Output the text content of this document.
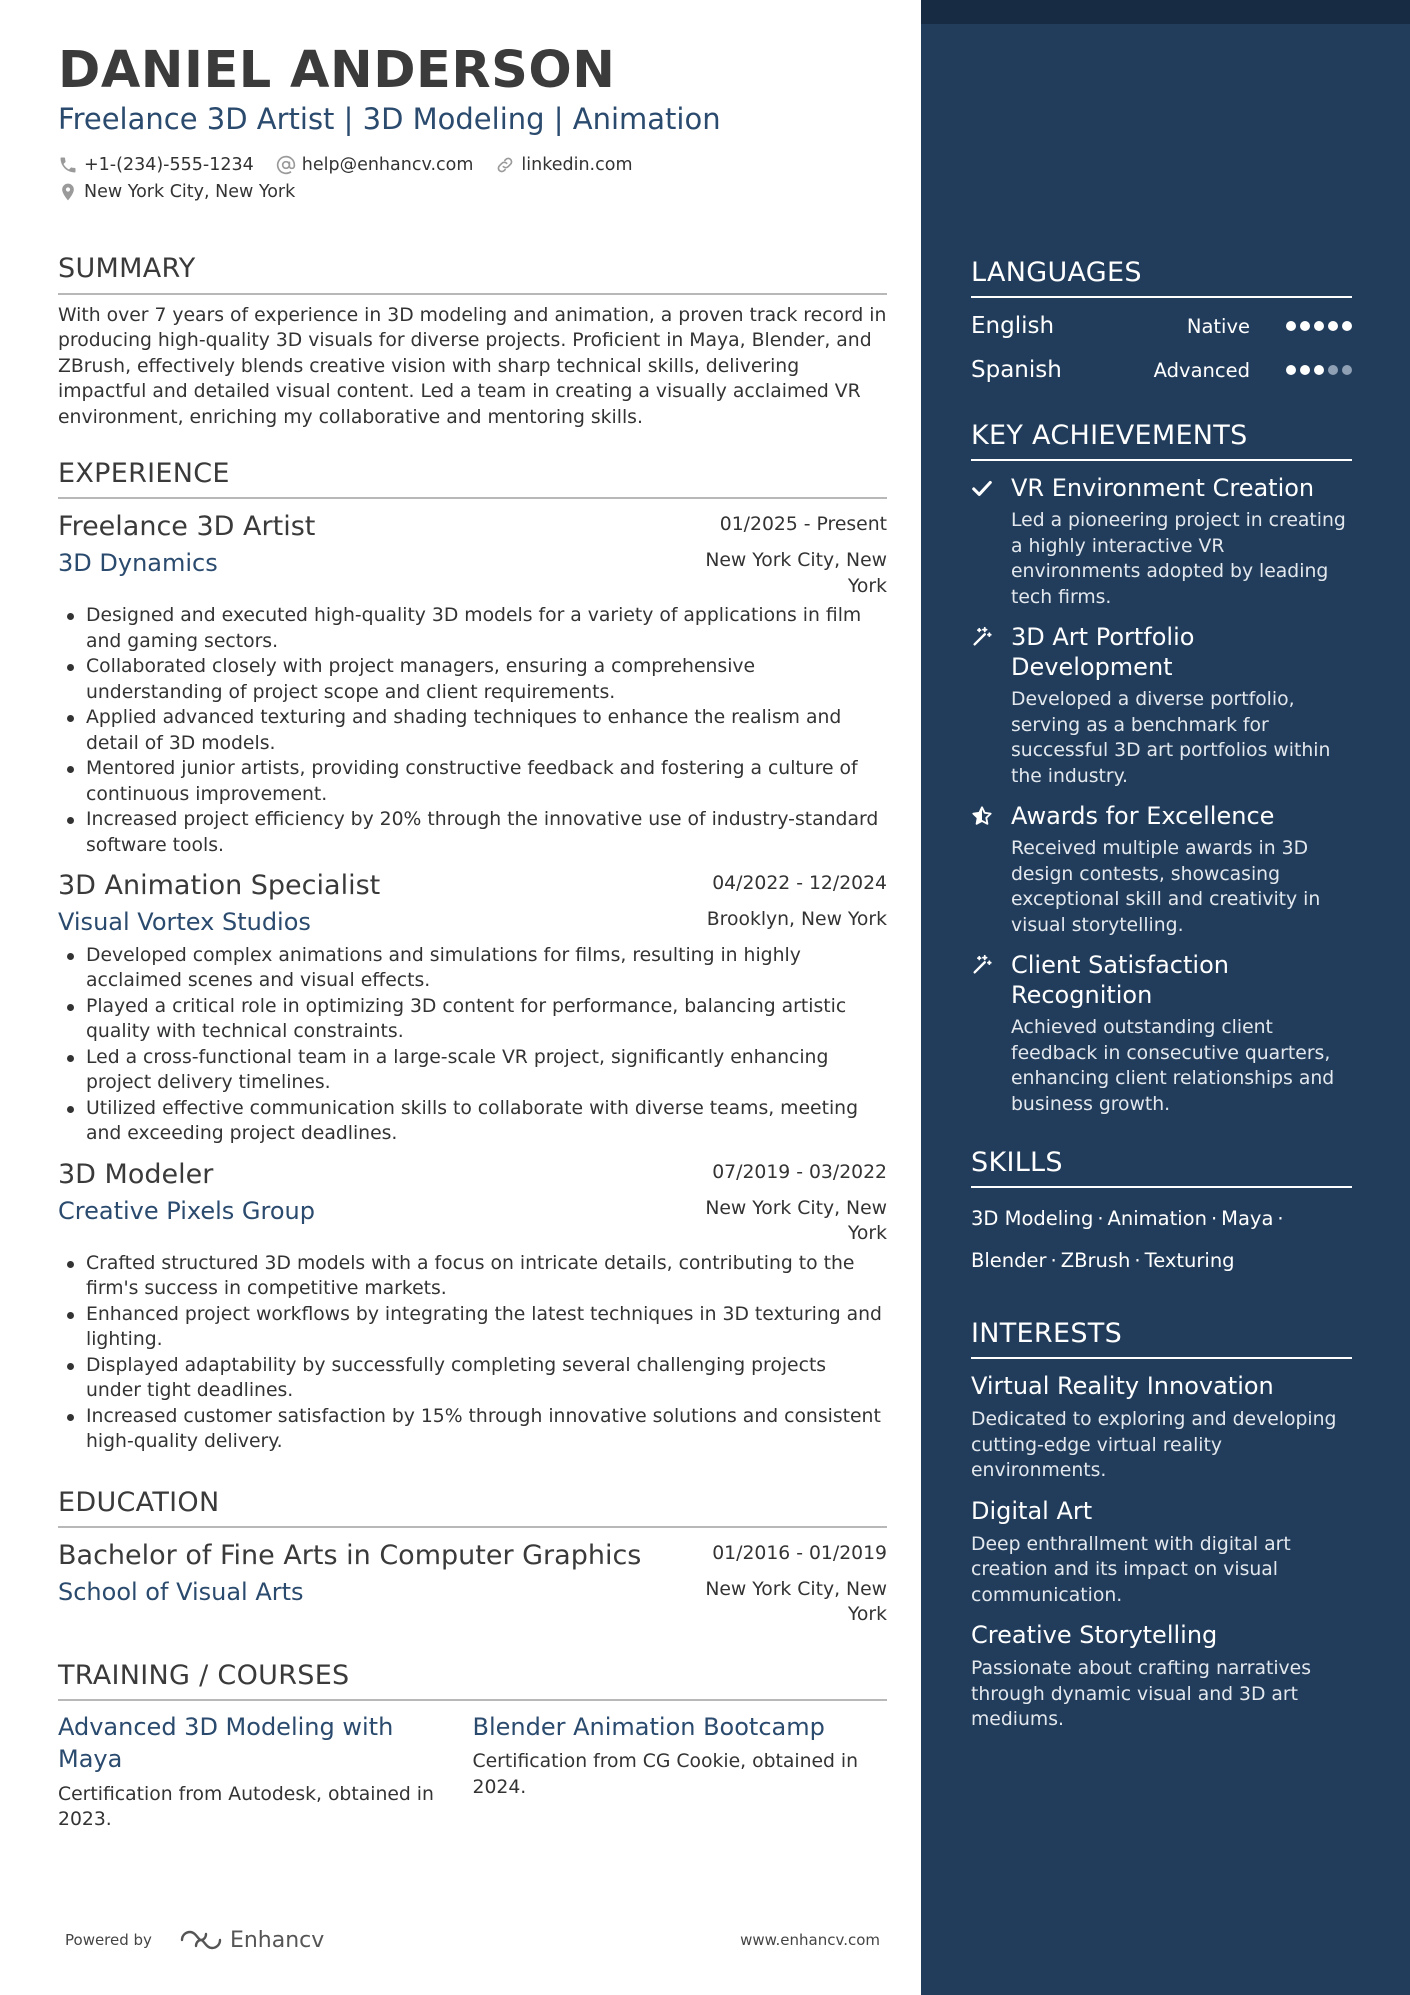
DANIEL ANDERSON
Freelance 3D Artist | 3D Modeling | Animation
+1-(234)-555-1234	help@enhancv.com	linkedin.com
New York City, New York
SUMMARY
With over 7 years of experience in 3D modeling and animation, a proven track record in producing high-quality 3D visuals for diverse projects. Proficient in Maya, Blender, and ZBrush, effectively blends creative vision with sharp technical skills, delivering impactful and detailed visual content. Led a team in creating a visually acclaimed VR environment, enriching my collaborative and mentoring skills.
EXPERIENCE
Freelance 3D Artist	01/2025 - Present
3D Dynamics	New York City, New York
Designed and executed high-quality 3D models for a variety of applications in film and gaming sectors.
Collaborated closely with project managers, ensuring a comprehensive understanding of project scope and client requirements.
Applied advanced texturing and shading techniques to enhance the realism and detail of 3D models.
Mentored junior artists, providing constructive feedback and fostering a culture of continuous improvement.
Increased project efficiency by 20% through the innovative use of industry-standard software tools.
3D Animation Specialist	04/2022 - 12/2024
Visual Vortex Studios	Brooklyn, New York
Developed complex animations and simulations for films, resulting in highly acclaimed scenes and visual effects.
Played a critical role in optimizing 3D content for performance, balancing artistic quality with technical constraints.
Led a cross-functional team in a large-scale VR project, significantly enhancing project delivery timelines.
Utilized effective communication skills to collaborate with diverse teams, meeting and exceeding project deadlines.
3D Modeler	07/2019 - 03/2022
Creative Pixels Group	New York City, New York
Crafted structured 3D models with a focus on intricate details, contributing to the firm's success in competitive markets.
Enhanced project workflows by integrating the latest techniques in 3D texturing and lighting.
Displayed adaptability by successfully completing several challenging projects under tight deadlines.
Increased customer satisfaction by 15% through innovative solutions and consistent high-quality delivery.
EDUCATION
Bachelor of Fine Arts in Computer Graphics	01/2016 - 01/2019
School of Visual Arts	New York City, New York
TRAINING / COURSES
Advanced 3D Modeling with Maya
Certification from Autodesk, obtained in 2023.
Blender Animation Bootcamp
Certification from CG Cookie, obtained in 2024.
Powered by	Enhancv	www.enhancv.com
LANGUAGES
English	Native
Spanish	Advanced
KEY ACHIEVEMENTS
VR Environment Creation
Led a pioneering project in creating a highly interactive VR environments adopted by leading tech firms.
3D Art Portfolio Development
Developed a diverse portfolio, serving as a benchmark for successful 3D art portfolios within the industry.
Awards for Excellence
Received multiple awards in 3D design contests, showcasing exceptional skill and creativity in visual storytelling.
Client Satisfaction Recognition
Achieved outstanding client feedback in consecutive quarters, enhancing client relationships and business growth.
SKILLS
3D Modeling · Animation · Maya ·
Blender · ZBrush · Texturing
INTERESTS
Virtual Reality Innovation
Dedicated to exploring and developing cutting-edge virtual reality environments.
Digital Art
Deep enthrallment with digital art creation and its impact on visual communication.
Creative Storytelling
Passionate about crafting narratives through dynamic visual and 3D art mediums.
